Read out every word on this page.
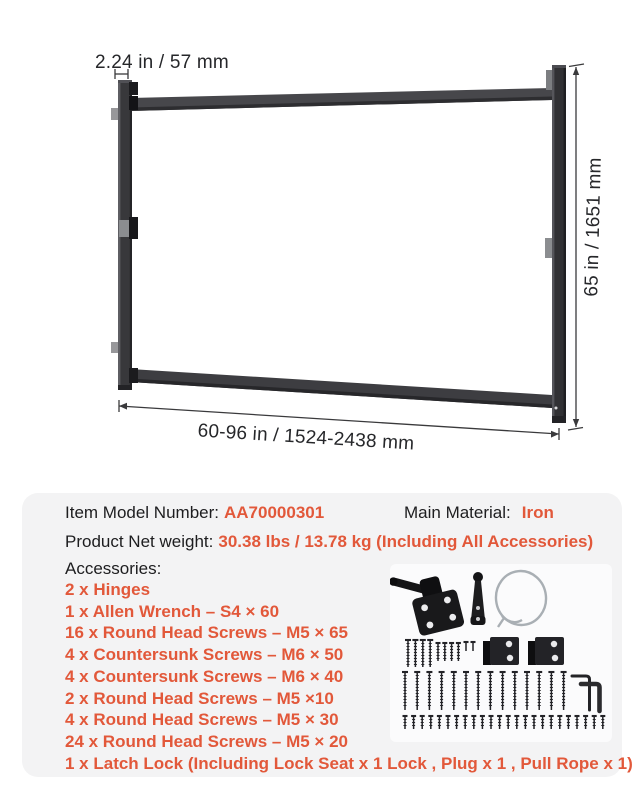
2.24 in / 57 mm
65 in / 1651 mm
60-96 in / 1524-2438 mm
Item Model Number: AA70000301	Main Material: Iron
Product Net weight: 30.38 lbs / 13.78 kg (Including All Accessories)
Accessories:
2 x Hinges
1 x Allen Wrench – S4 × 60
16 x Round Head Screws – M5 × 65
4 x Countersunk Screws – M6 × 50
4 x Countersunk Screws – M6 × 40
2 x Round Head Screws – M5 ×10
4 x Round Head Screws – M5 × 30
24 x Round Head Screws – M5 × 20
1 x Latch Lock (Including Lock Seat x 1 Lock , Plug x 1 , Pull Rope x 1)
